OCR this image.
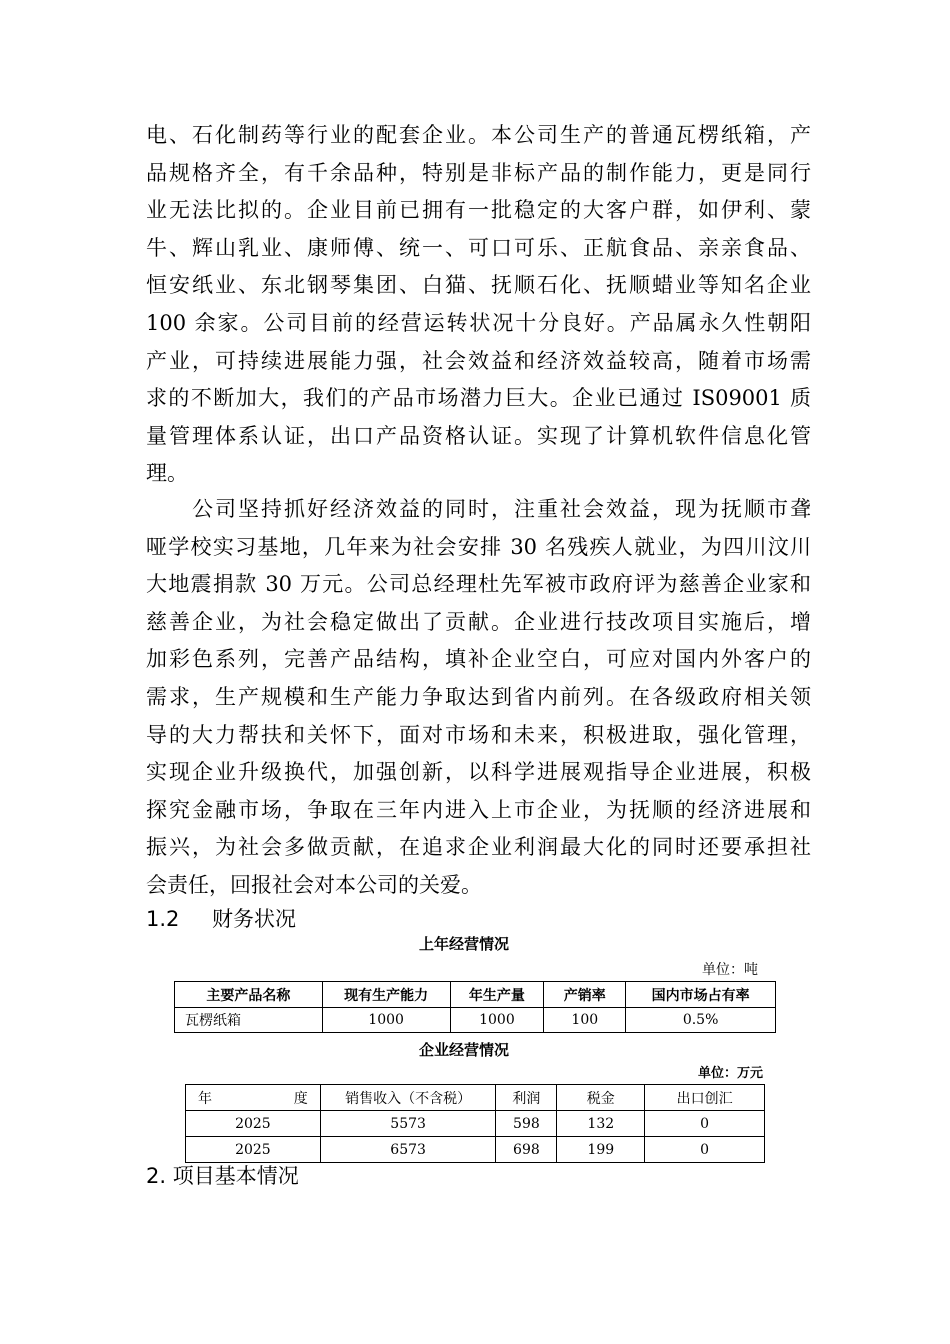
电、石化制药等行业的配套企业。本公司生产的普通瓦楞纸箱，产
品规格齐全，有千余品种，特别是非标产品的制作能力，更是同行
业无法比拟的。企业目前已拥有一批稳定的大客户群，如伊利、蒙
牛、辉山乳业、康师傅、统一、可口可乐、正航食品、亲亲食品、
恒安纸业、东北钢琴集团、白猫、抚顺石化、抚顺蜡业等知名企业
100 余家。公司目前的经营运转状况十分良好。产品属永久性朝阳
产业，可持续进展能力强，社会效益和经济效益较高，随着市场需
求的不断加大，我们的产品市场潜力巨大。企业已通过 IS09001 质
量管理体系认证，出口产品资格认证。实现了计算机软件信息化管
理。

　　公司坚持抓好经济效益的同时，注重社会效益，现为抚顺市聋
哑学校实习基地，几年来为社会安排 30 名残疾人就业，为四川汶川
大地震捐款 30 万元。公司总经理杜先军被市政府评为慈善企业家和
慈善企业，为社会稳定做出了贡献。企业进行技改项目实施后，增
加彩色系列，完善产品结构，填补企业空白，可应对国内外客户的
需求，生产规模和生产能力争取达到省内前列。在各级政府相关领
导的大力帮扶和关怀下，面对市场和未来，积极进取，强化管理，
实现企业升级换代，加强创新，以科学进展观指导企业进展，积极
探究金融市场，争取在三年内进入上市企业，为抚顺的经济进展和
振兴，为社会多做贡献，在追求企业利润最大化的同时还要承担社
会责任，回报社会对本公司的关爱。

1.2 财务状况
上年经营情况
单位：吨
主要产品名称	现有生产能力	年生产量	产销率	国内市场占有率
瓦楞纸箱	1000	1000	100	0.5%
企业经营情况
单位：万元
年 度	销售收入（不含税）	利润	税金	出口创汇
2025	5573	598	132	0
2025	6573	698	199	0
2. 项目基本情况
